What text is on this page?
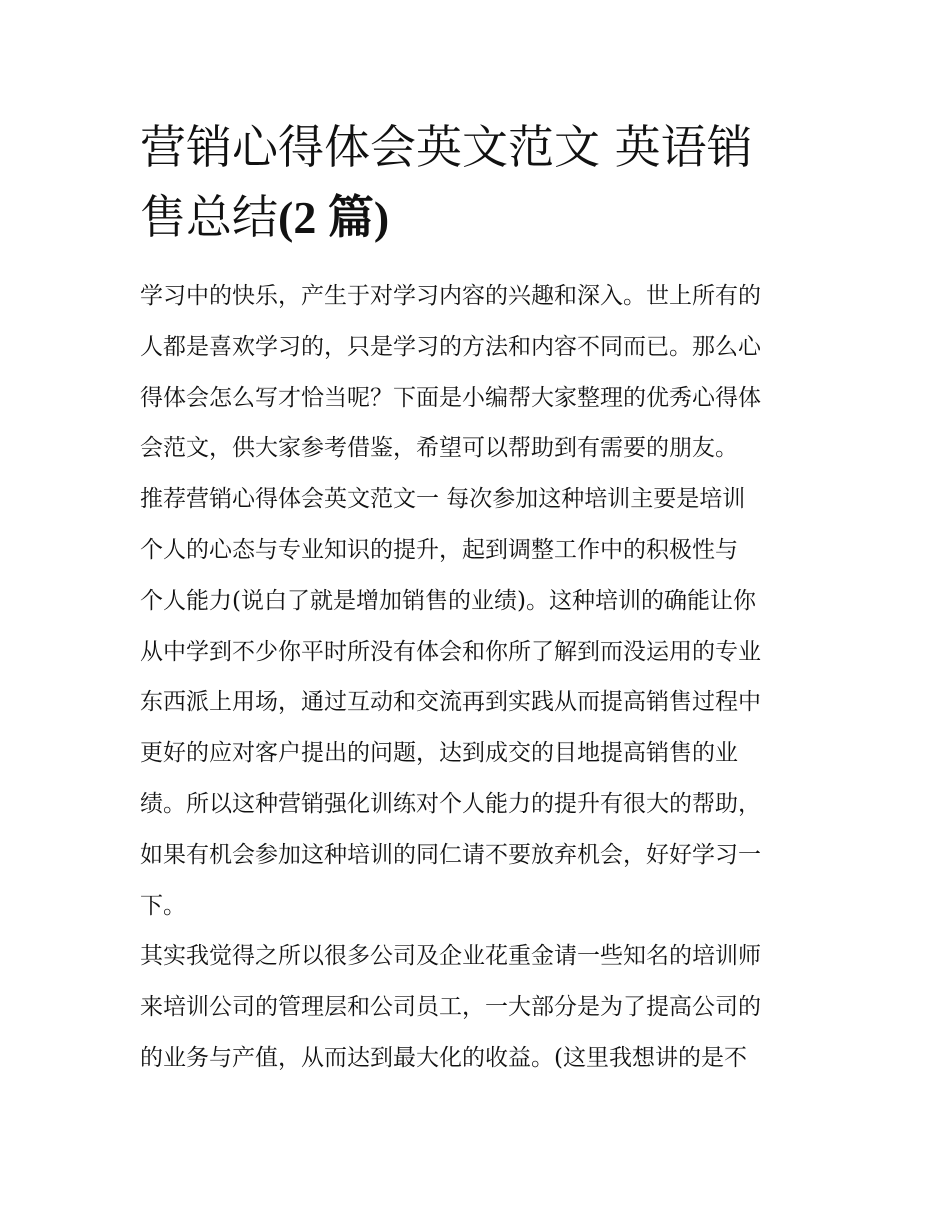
营销心得体会英文范文 英语销
售总结(2 篇)
学习中的快乐，产生于对学习内容的兴趣和深入。世上所有的
人都是喜欢学习的，只是学习的方法和内容不同而已。那么心
得体会怎么写才恰当呢？下面是小编帮大家整理的优秀心得体
会范文，供大家参考借鉴，希望可以帮助到有需要的朋友。
推荐营销心得体会英文范文一 每次参加这种培训主要是培训
个人的心态与专业知识的提升，起到调整工作中的积极性与
个人能力(说白了就是增加销售的业绩)。这种培训的确能让你
从中学到不少你平时所没有体会和你所了解到而没运用的专业
东西派上用场，通过互动和交流再到实践从而提高销售过程中
更好的应对客户提出的问题，达到成交的目地提高销售的业
绩。所以这种营销强化训练对个人能力的提升有很大的帮助，
如果有机会参加这种培训的同仁请不要放弃机会，好好学习一
下。
其实我觉得之所以很多公司及企业花重金请一些知名的培训师
来培训公司的管理层和公司员工，一大部分是为了提高公司的
的业务与产值，从而达到最大化的收益。(这里我想讲的是不
